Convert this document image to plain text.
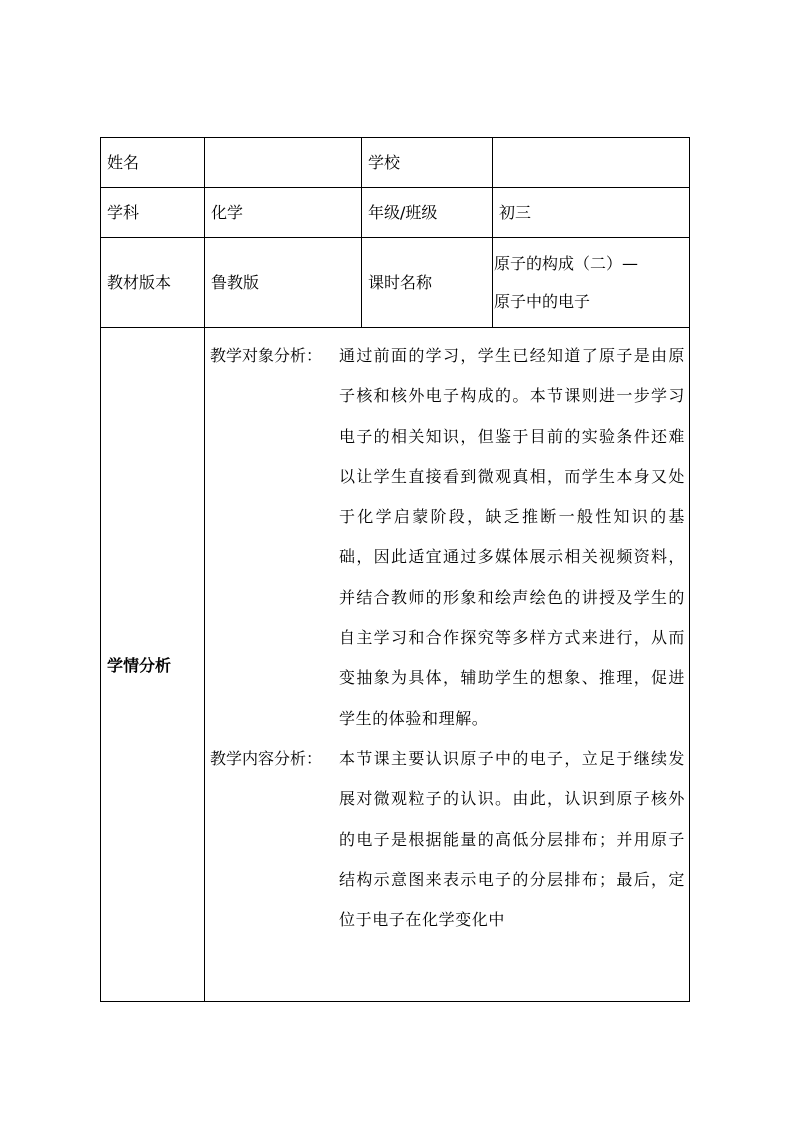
姓名		学校	

学科	化学	年级/班级	初三

教材版本	鲁教版	课时名称	原子的构成（二）—
原子中的电子

学情分析	教学对象分析： 通过前面的学习，学生已经知道了原子是由原子核和核外电子构成的。本节课则进一步学习电子的相关知识，但鉴于目前的实验条件还难以让学生直接看到微观真相，而学生本身又处于化学启蒙阶段，缺乏推断一般性知识的基础，因此适宜通过多媒体展示相关视频资料，并结合教师的形象和绘声绘色的讲授及学生的自主学习和合作探究等多样方式来进行，从而变抽象为具体，辅助学生的想象、推理，促进学生的体验和理解。
教学内容分析： 本节课主要认识原子中的电子，立足于继续发展对微观粒子的认识。由此，认识到原子核外的电子是根据能量的高低分层排布；并用原子结构示意图来表示电子的分层排布；最后，定位于电子在化学变化中		
